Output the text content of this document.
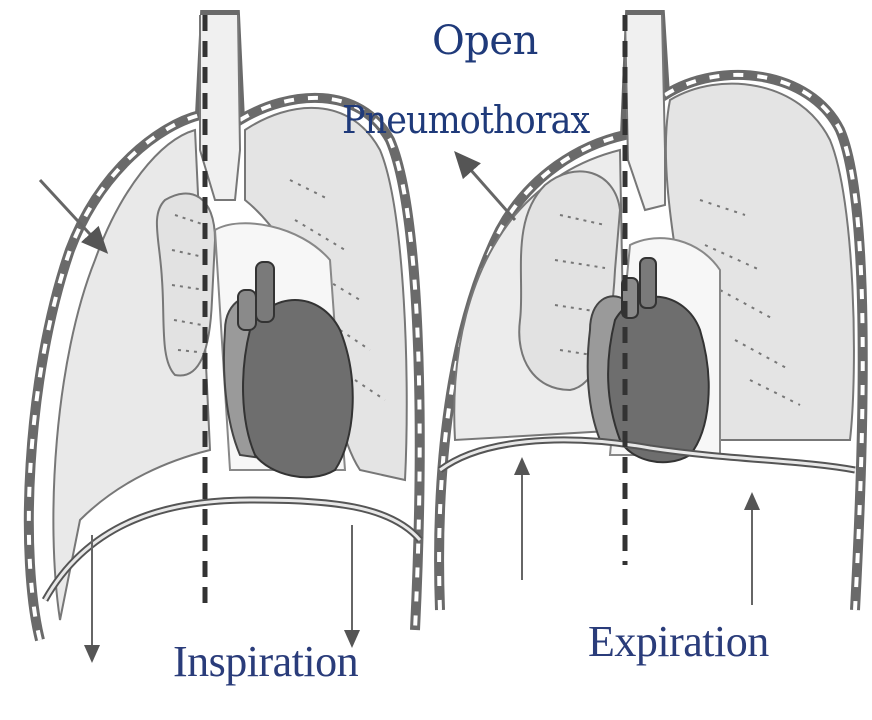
Open
Pneumothorax
Inspiration	Expiration
